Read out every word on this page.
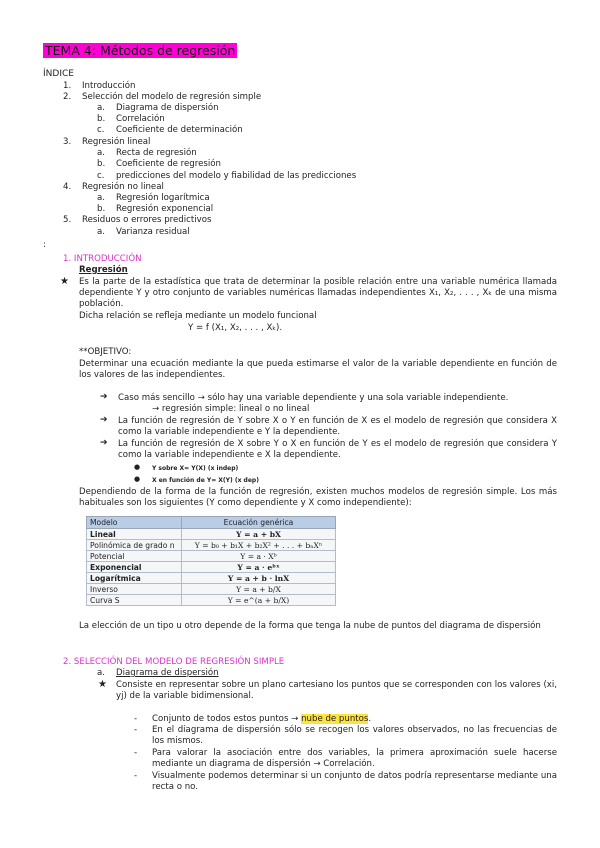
TEMA 4: Métodos de regresión
ÍNDICE
1. Introducción
2. Selección del modelo de regresión simple
a. Diagrama de dispersión
b. Correlación
c. Coeficiente de determinación
3. Regresión lineal
a. Recta de regresión
b. Coeficiente de regresión
c. predicciones del modelo y fiabilidad de las predicciones
4. Regresión no lineal
a. Regresión logarítmica
b. Regresión exponencial
5. Residuos o errores predictivos
a. Varianza residual
:
1. INTRODUCCIÓN
Regresión
★ Es la parte de la estadística que trata de determinar la posible relación entre una variable numérica llamada dependiente Y y otro conjunto de variables numéricas llamadas independientes X₁, X₂, . . . , Xₖ de una misma población.
Dicha relación se refleja mediante un modelo funcional
Y = f (X₁, X₂, . . . , Xₖ).
**OBJETIVO:
Determinar una ecuación mediante la que pueda estimarse el valor de la variable dependiente en función de los valores de las independientes.
➔ Caso más sencillo → sólo hay una variable dependiente y una sola variable independiente.
→ regresión simple: lineal o no lineal
➔ La función de regresión de Y sobre X o Y en función de X es el modelo de regresión que considera X como la variable independiente e Y la dependiente.
➔ La función de regresión de X sobre Y o X en función de Y es el modelo de regresión que considera Y como la variable independiente e X la dependiente.
● Y sobre X= Y(X) (x indep)
● X en función de Y= X(Y) (x dep)
Dependiendo de la forma de la función de regresión, existen muchos modelos de regresión simple. Los más habituales son los siguientes (Y como dependiente y X como independiente):
Modelo	Ecuación genérica
Lineal	Y = a + bX
Polinómica de grado n	Y = b₀ + b₁X + b₂X² + . . . + bₙXⁿ
Potencial	Y = a · Xᵇ
Exponencial	Y = a · eᵇˣ
Logarítmica	Y = a + b · lnX
Inverso	Y = a + b/X
Curva S	Y = e^(a + b/X)
La elección de un tipo u otro depende de la forma que tenga la nube de puntos del diagrama de dispersión
2. SELECCIÓN DEL MODELO DE REGRESIÓN SIMPLE
a. Diagrama de dispersión
★ Consiste en representar sobre un plano cartesiano los puntos que se corresponden con los valores (xi, yj) de la variable bidimensional.
- Conjunto de todos estos puntos → nube de puntos.
- En el diagrama de dispersión sólo se recogen los valores observados, no las frecuencias de los mismos.
- Para valorar la asociación entre dos variables, la primera aproximación suele hacerse mediante un diagrama de dispersión → Correlación.
- Visualmente podemos determinar si un conjunto de datos podría representarse mediante una recta o no.
